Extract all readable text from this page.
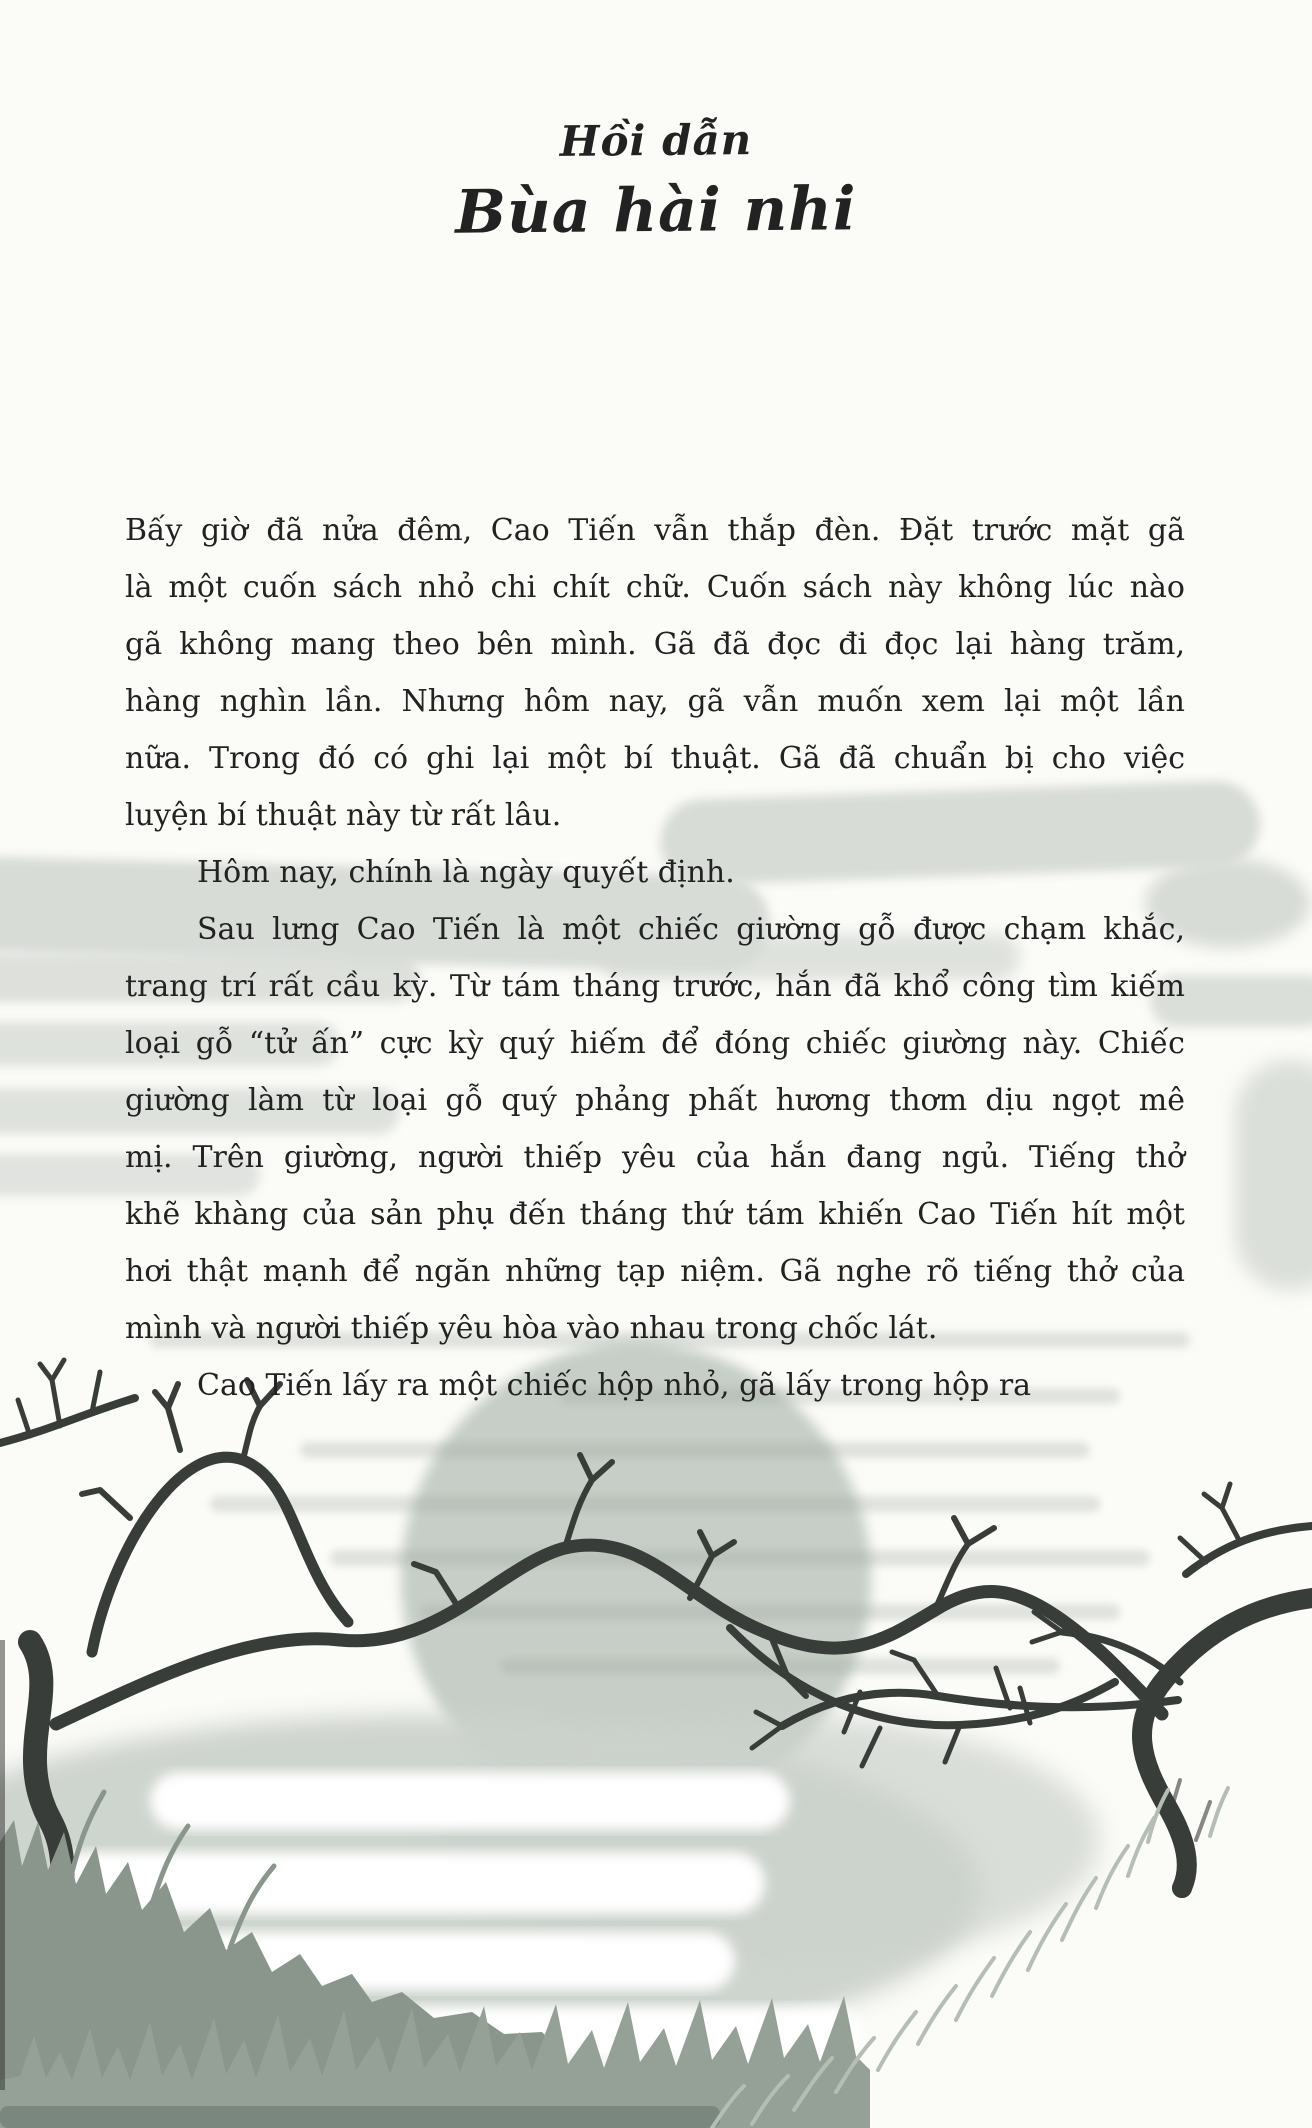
Hồi dẫn
Bùa hài nhi
Bấy giờ đã nửa đêm, Cao Tiến vẫn thắp đèn. Đặt trước mặt gã
là một cuốn sách nhỏ chi chít chữ. Cuốn sách này không lúc nào
gã không mang theo bên mình. Gã đã đọc đi đọc lại hàng trăm,
hàng nghìn lần. Nhưng hôm nay, gã vẫn muốn xem lại một lần
nữa. Trong đó có ghi lại một bí thuật. Gã đã chuẩn bị cho việc
luyện bí thuật này từ rất lâu.
Hôm nay, chính là ngày quyết định.
Sau lưng Cao Tiến là một chiếc giường gỗ được chạm khắc,
trang trí rất cầu kỳ. Từ tám tháng trước, hắn đã khổ công tìm kiếm
loại gỗ “tử ấn” cực kỳ quý hiếm để đóng chiếc giường này. Chiếc
giường làm từ loại gỗ quý phảng phất hương thơm dịu ngọt mê
mị. Trên giường, người thiếp yêu của hắn đang ngủ. Tiếng thở
khẽ khàng của sản phụ đến tháng thứ tám khiến Cao Tiến hít một
hơi thật mạnh để ngăn những tạp niệm. Gã nghe rõ tiếng thở của
mình và người thiếp yêu hòa vào nhau trong chốc lát.
Cao Tiến lấy ra một chiếc hộp nhỏ, gã lấy trong hộp ra
